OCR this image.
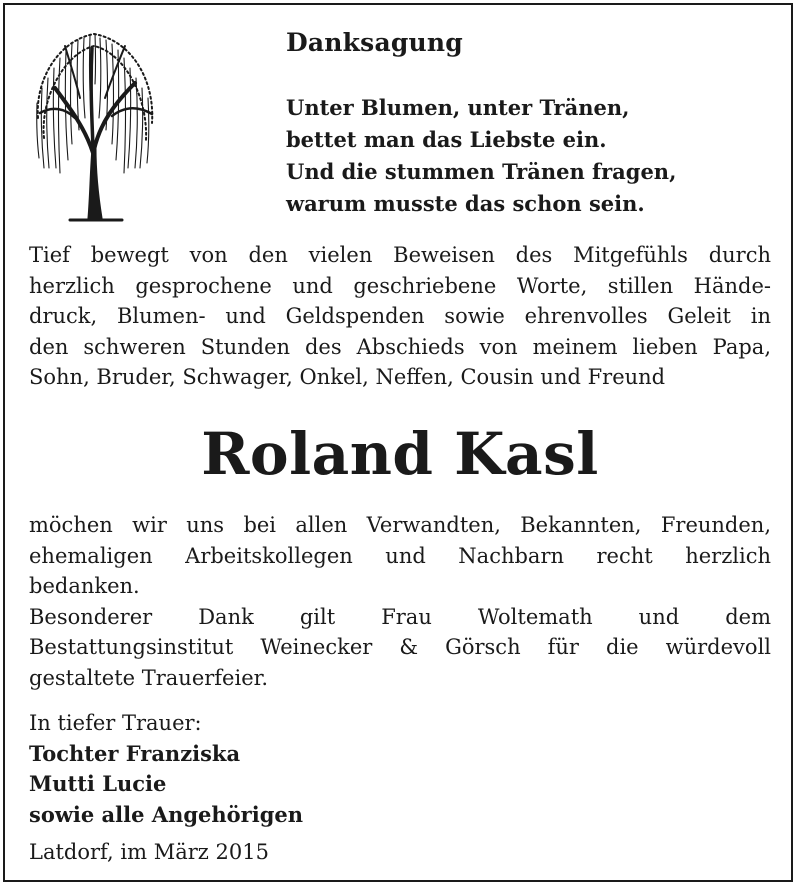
Danksagung
Unter Blumen, unter Tränen,
bettet man das Liebste ein.
Und die stummen Tränen fragen,
warum musste das schon sein.
Tief bewegt von den vielen Beweisen des Mitgefühls durch
herzlich gesprochene und geschriebene Worte, stillen Hände-
druck, Blumen- und Geldspenden sowie ehrenvolles Geleit in
den schweren Stunden des Abschieds von meinem lieben Papa,
Sohn, Bruder, Schwager, Onkel, Neffen, Cousin und Freund
Roland Kasl
möchen wir uns bei allen Verwandten, Bekannten, Freunden,
ehemaligen Arbeitskollegen und Nachbarn recht herzlich
bedanken.
Besonderer Dank gilt Frau Woltemath und dem
Bestattungsinstitut Weinecker & Görsch für die würdevoll
gestaltete Trauerfeier.
In tiefer Trauer:
Tochter Franziska
Mutti Lucie
sowie alle Angehörigen
Latdorf, im März 2015
